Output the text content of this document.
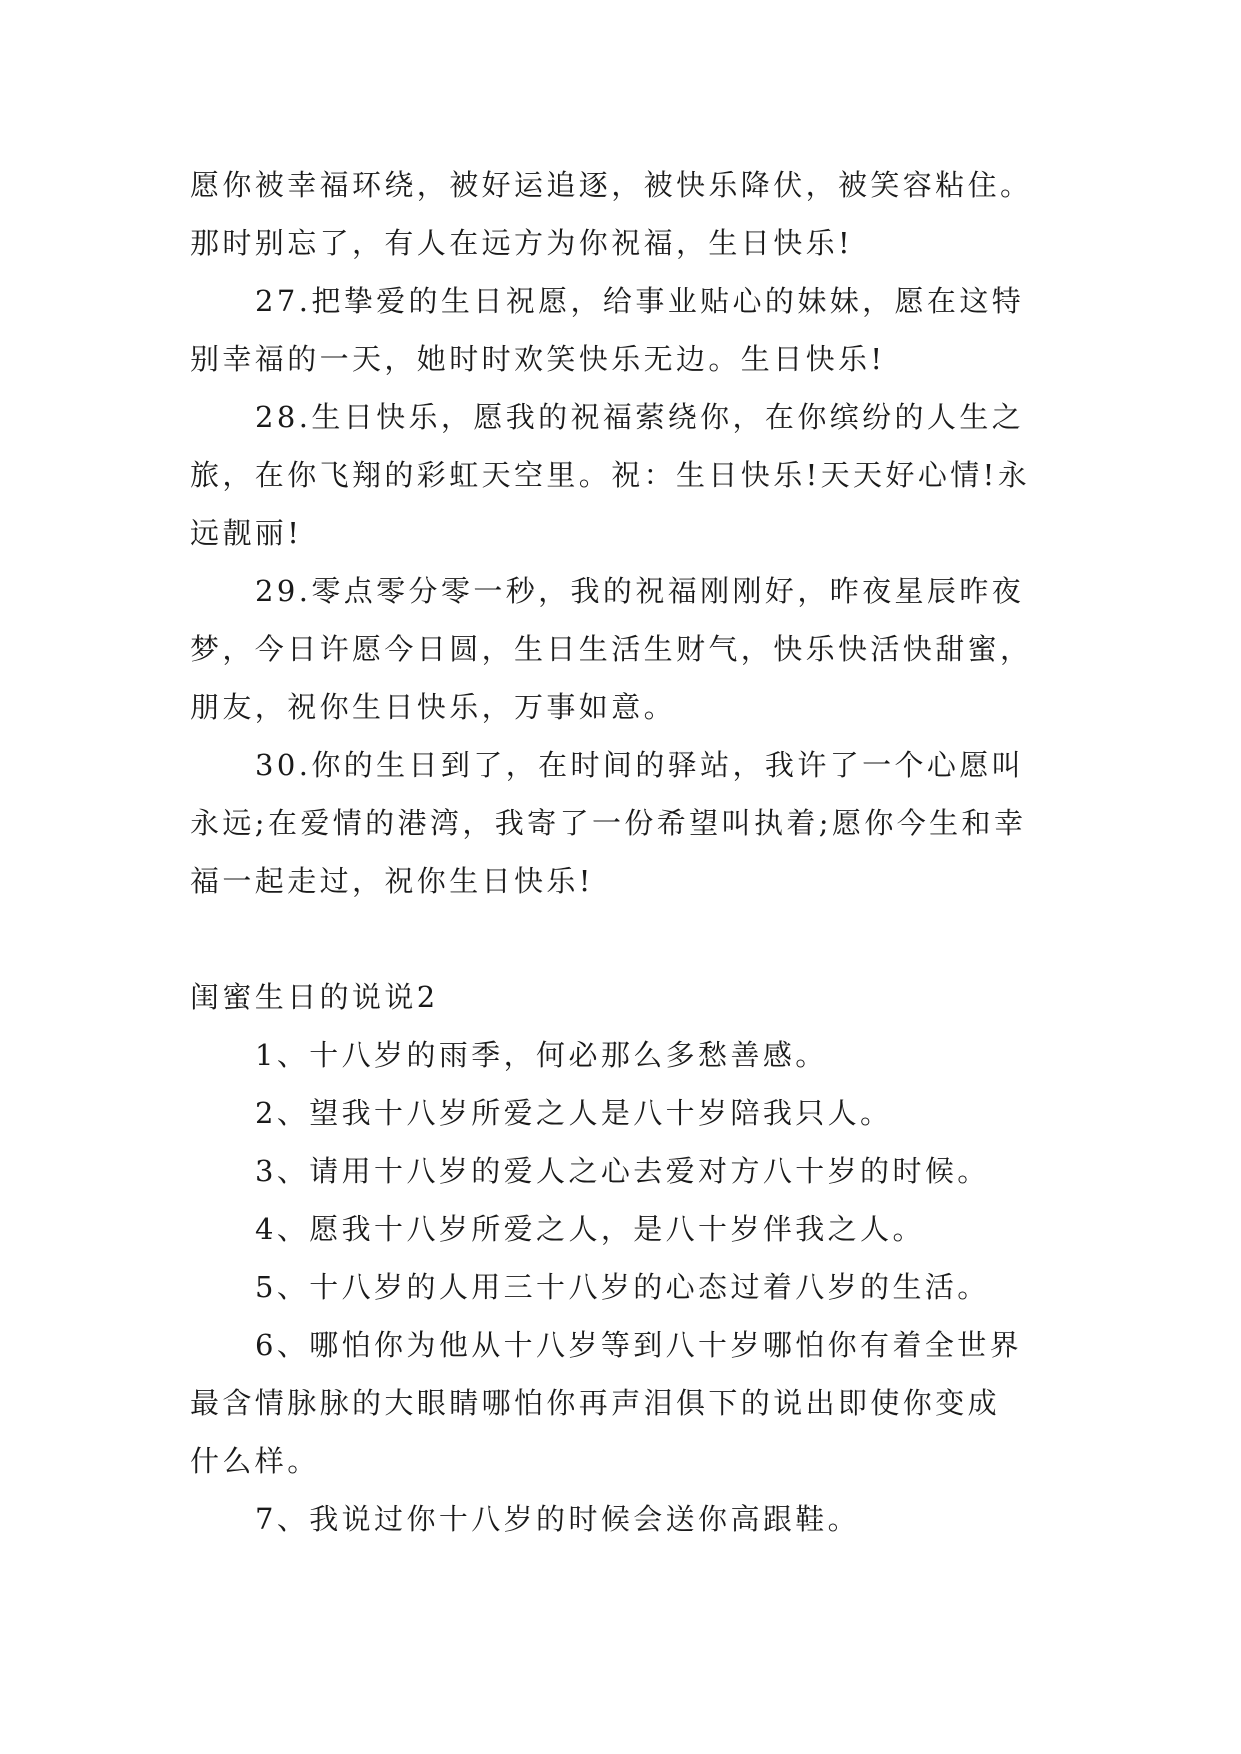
愿你被幸福环绕，被好运追逐，被快乐降伏，被笑容粘住。
那时别忘了，有人在远方为你祝福，生日快乐!
27.把挚爱的生日祝愿，给事业贴心的妹妹，愿在这特
别幸福的一天，她时时欢笑快乐无边。生日快乐!
28.生日快乐，愿我的祝福萦绕你，在你缤纷的人生之
旅，在你飞翔的彩虹天空里。祝：生日快乐!天天好心情!永
远靓丽!
29.零点零分零一秒，我的祝福刚刚好，昨夜星辰昨夜
梦，今日许愿今日圆，生日生活生财气，快乐快活快甜蜜，
朋友，祝你生日快乐，万事如意。
30.你的生日到了，在时间的驿站，我许了一个心愿叫
永远;在爱情的港湾，我寄了一份希望叫执着;愿你今生和幸
福一起走过，祝你生日快乐!
闺蜜生日的说说2
1、十八岁的雨季，何必那么多愁善感。
2、望我十八岁所爱之人是八十岁陪我只人。
3、请用十八岁的爱人之心去爱对方八十岁的时候。
4、愿我十八岁所爱之人，是八十岁伴我之人。
5、十八岁的人用三十八岁的心态过着八岁的生活。
6、哪怕你为他从十八岁等到八十岁哪怕你有着全世界
最含情脉脉的大眼睛哪怕你再声泪俱下的说出即使你变成
什么样。
7、我说过你十八岁的时候会送你高跟鞋。
